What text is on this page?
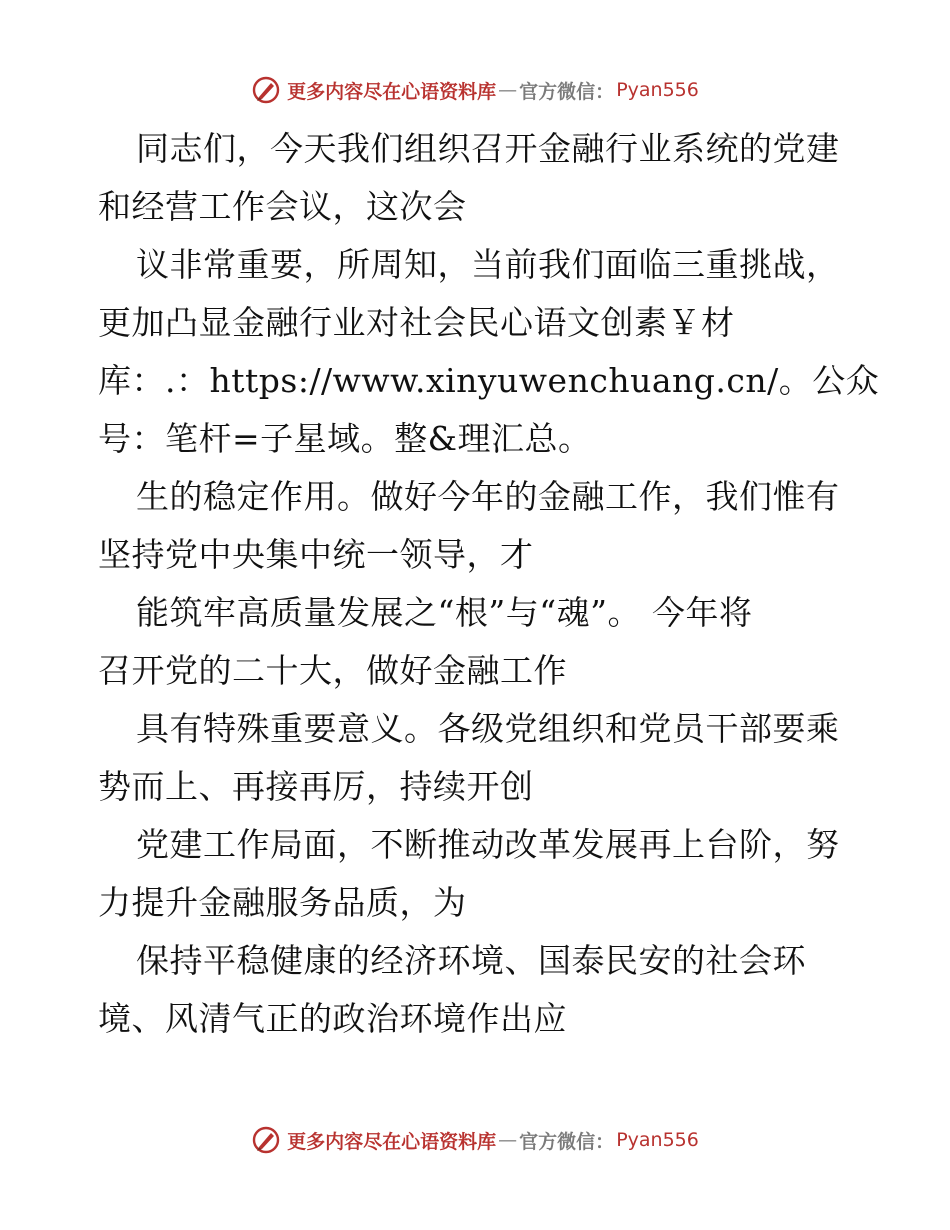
更多内容尽在心语资料库 — 官方微信： Pyan556
同志们，今天我们组织召开金融行业系统的党建
和经营工作会议，这次会
议非常重要，所周知，当前我们面临三重挑战，
更加凸显金融行业对社会民心语文创素￥材
库：.：https://www.xinyuwenchuang.cn/。公众
号：笔杆=子星域。整&理汇总。
生的稳定作用。做好今年的金融工作，我们惟有
坚持党中央集中统一领导，才
能筑牢高质量发展之“根”与“魂”。 今年将
召开党的二十大，做好金融工作
具有特殊重要意义。各级党组织和党员干部要乘
势而上、再接再厉，持续开创
党建工作局面，不断推动改革发展再上台阶，努
力提升金融服务品质，为
保持平稳健康的经济环境、国泰民安的社会环
境、风清气正的政治环境作出应
更多内容尽在心语资料库 — 官方微信： Pyan556
